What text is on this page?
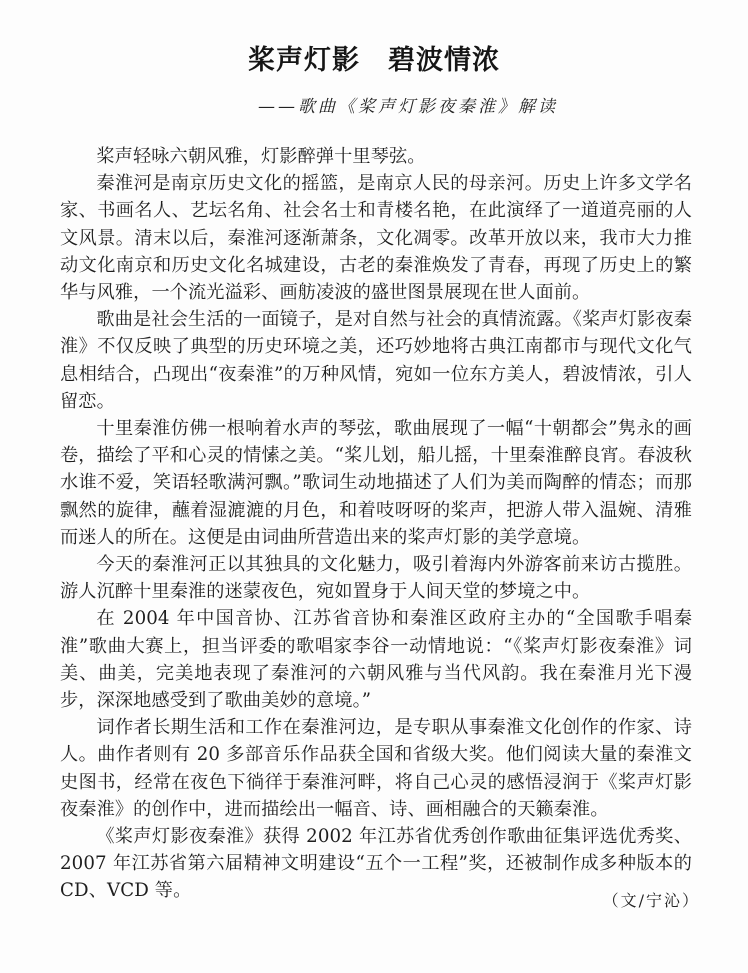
桨声灯影 碧波情浓
——歌曲《桨声灯影夜秦淮》解读

桨声轻咏六朝风雅，灯影醉弹十里琴弦。

秦淮河是南京历史文化的摇篮，是南京人民的母亲河。历史上许多文学名家、书画名人、艺坛名角、社会名士和青楼名艳，在此演绎了一道道亮丽的人文风景。清末以后，秦淮河逐渐萧条，文化凋零。改革开放以来，我市大力推动文化南京和历史文化名城建设，古老的秦淮焕发了青春，再现了历史上的繁华与风雅，一个流光溢彩、画舫凌波的盛世图景展现在世人面前。

歌曲是社会生活的一面镜子，是对自然与社会的真情流露。《桨声灯影夜秦淮》不仅反映了典型的历史环境之美，还巧妙地将古典江南都市与现代文化气息相结合，凸现出“夜秦淮”的万种风情，宛如一位东方美人，碧波情浓，引人留恋。

十里秦淮仿佛一根响着水声的琴弦，歌曲展现了一幅“十朝都会”隽永的画卷，描绘了平和心灵的情愫之美。“桨儿划，船儿摇，十里秦淮醉良宵。春波秋水谁不爱，笑语轻歌满河飘。”歌词生动地描述了人们为美而陶醉的情态；而那飘然的旋律，蘸着湿漉漉的月色，和着吱呀呀的桨声，把游人带入温婉、清雅而迷人的所在。这便是由词曲所营造出来的桨声灯影的美学意境。

今天的秦淮河正以其独具的文化魅力，吸引着海内外游客前来访古揽胜。游人沉醉十里秦淮的迷蒙夜色，宛如置身于人间天堂的梦境之中。

在 2004 年中国音协、江苏省音协和秦淮区政府主办的“全国歌手唱秦淮”歌曲大赛上，担当评委的歌唱家李谷一动情地说：“《桨声灯影夜秦淮》词美、曲美，完美地表现了秦淮河的六朝风雅与当代风韵。我在秦淮月光下漫步，深深地感受到了歌曲美妙的意境。”

词作者长期生活和工作在秦淮河边，是专职从事秦淮文化创作的作家、诗人。曲作者则有 20 多部音乐作品获全国和省级大奖。他们阅读大量的秦淮文史图书，经常在夜色下徜徉于秦淮河畔，将自己心灵的感悟浸润于《桨声灯影夜秦淮》的创作中，进而描绘出一幅音、诗、画相融合的天籁秦淮。

《桨声灯影夜秦淮》获得 2002 年江苏省优秀创作歌曲征集评选优秀奖、2007 年江苏省第六届精神文明建设“五个一工程”奖，还被制作成多种版本的 CD、VCD 等。	（文/宁沁）
